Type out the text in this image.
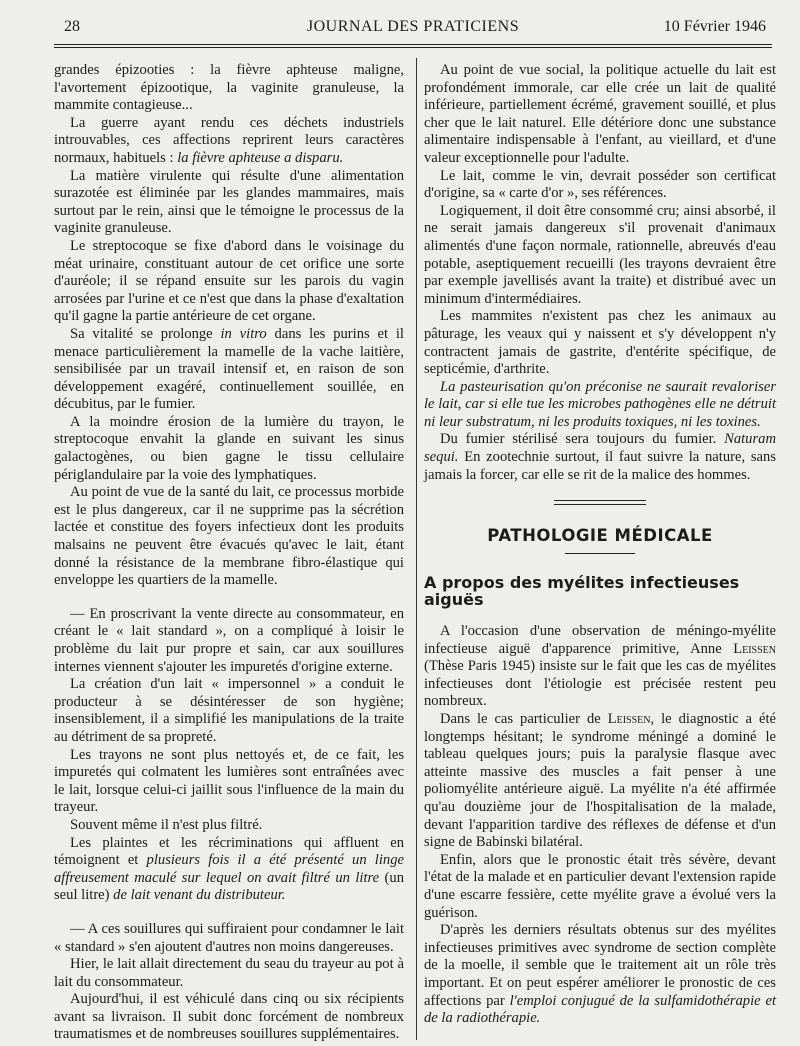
28	JOURNAL DES PRATICIENS	10 Février 1946

grandes épizooties : la fièvre aphteuse maligne, l'avortement épizootique, la vaginite granuleuse, la mammite contagieuse...

La guerre ayant rendu ces déchets industriels introuvables, ces affections reprirent leurs caractères normaux, habituels : la fièvre aphteuse a disparu.

La matière virulente qui résulte d'une alimentation surazotée est éliminée par les glandes mammaires, mais surtout par le rein, ainsi que le témoigne le processus de la vaginite granuleuse.

Le streptocoque se fixe d'abord dans le voisinage du méat urinaire, constituant autour de cet orifice une sorte d'auréole; il se répand ensuite sur les parois du vagin arrosées par l'urine et ce n'est que dans la phase d'exaltation qu'il gagne la partie antérieure de cet organe.

Sa vitalité se prolonge in vitro dans les purins et il menace particulièrement la mamelle de la vache laitière, sensibilisée par un travail intensif et, en raison de son développement exagéré, continuellement souillée, en décubitus, par le fumier.

A la moindre érosion de la lumière du trayon, le streptocoque envahit la glande en suivant les sinus galactogènes, ou bien gagne le tissu cellulaire périglandulaire par la voie des lymphatiques.

Au point de vue de la santé du lait, ce processus morbide est le plus dangereux, car il ne supprime pas la sécrétion lactée et constitue des foyers infectieux dont les produits malsains ne peuvent être évacués qu'avec le lait, étant donné la résistance de la membrane fibro-élastique qui enveloppe les quartiers de la mamelle.

— En proscrivant la vente directe au consommateur, en créant le « lait standard », on a compliqué à loisir le problème du lait pur propre et sain, car aux souillures internes viennent s'ajouter les impuretés d'origine externe.

La création d'un lait « impersonnel » a conduit le producteur à se désintéresser de son hygiène; insensiblement, il a simplifié les manipulations de la traite au détriment de sa propreté.

Les trayons ne sont plus nettoyés et, de ce fait, les impuretés qui colmatent les lumières sont entraînées avec le lait, lorsque celui-ci jaillit sous l'influence de la main du trayeur.

Souvent même il n'est plus filtré.

Les plaintes et les récriminations qui affluent en témoignent et plusieurs fois il a été présenté un linge affreusement maculé sur lequel on avait filtré un litre (un seul litre) de lait venant du distributeur.

— A ces souillures qui suffiraient pour condamner le lait « standard » s'en ajoutent d'autres non moins dangereuses.

Hier, le lait allait directement du seau du trayeur au pot à lait du consommateur.

Aujourd'hui, il est véhiculé dans cinq ou six récipients avant sa livraison. Il subit donc forcément de nombreux traumatismes et de nombreuses souillures supplémentaires.

Au point de vue social, la politique actuelle du lait est profondément immorale, car elle crée un lait de qualité inférieure, partiellement écrémé, gravement souillé, et plus cher que le lait naturel. Elle détériore donc une substance alimentaire indispensable à l'enfant, au vieillard, et d'une valeur exceptionnelle pour l'adulte.

Le lait, comme le vin, devrait posséder son certificat d'origine, sa « carte d'or », ses références.

Logiquement, il doit être consommé cru; ainsi absorbé, il ne serait jamais dangereux s'il provenait d'animaux alimentés d'une façon normale, rationnelle, abreuvés d'eau potable, aseptiquement recueilli (les trayons devraient être par exemple javellisés avant la traite) et distribué avec un minimum d'intermédiaires.

Les mammites n'existent pas chez les animaux au pâturage, les veaux qui y naissent et s'y développent n'y contractent jamais de gastrite, d'entérite spécifique, de septicémie, d'arthrite.

La pasteurisation qu'on préconise ne saurait revaloriser le lait, car si elle tue les microbes pathogènes elle ne détruit ni leur substratum, ni les produits toxiques, ni les toxines.

Du fumier stérilisé sera toujours du fumier. Naturam sequi. En zootechnie surtout, il faut suivre la nature, sans jamais la forcer, car elle se rit de la malice des hommes.

PATHOLOGIE MÉDICALE
A propos des myélites infectieuses aiguës

A l'occasion d'une observation de méningo-myélite infectieuse aiguë d'apparence primitive, Anne Leissen (Thèse Paris 1945) insiste sur le fait que les cas de myélites infectieuses dont l'étiologie est précisée restent peu nombreux.

Dans le cas particulier de Leissen, le diagnostic a été longtemps hésitant; le syndrome méningé a dominé le tableau quelques jours; puis la paralysie flasque avec atteinte massive des muscles a fait penser à une poliomyélite antérieure aiguë. La myélite n'a été affirmée qu'au douzième jour de l'hospitalisation de la malade, devant l'apparition tardive des réflexes de défense et d'un signe de Babinski bilatéral.

Enfin, alors que le pronostic était très sévère, devant l'état de la malade et en particulier devant l'extension rapide d'une escarre fessière, cette myélite grave a évolué vers la guérison.

D'après les derniers résultats obtenus sur des myélites infectieuses primitives avec syndrome de section complète de la moelle, il semble que le traitement ait un rôle très important. Et on peut espérer améliorer le pronostic de ces affections par l'emploi conjugué de la sulfamidothérapie et de la radiothérapie.
